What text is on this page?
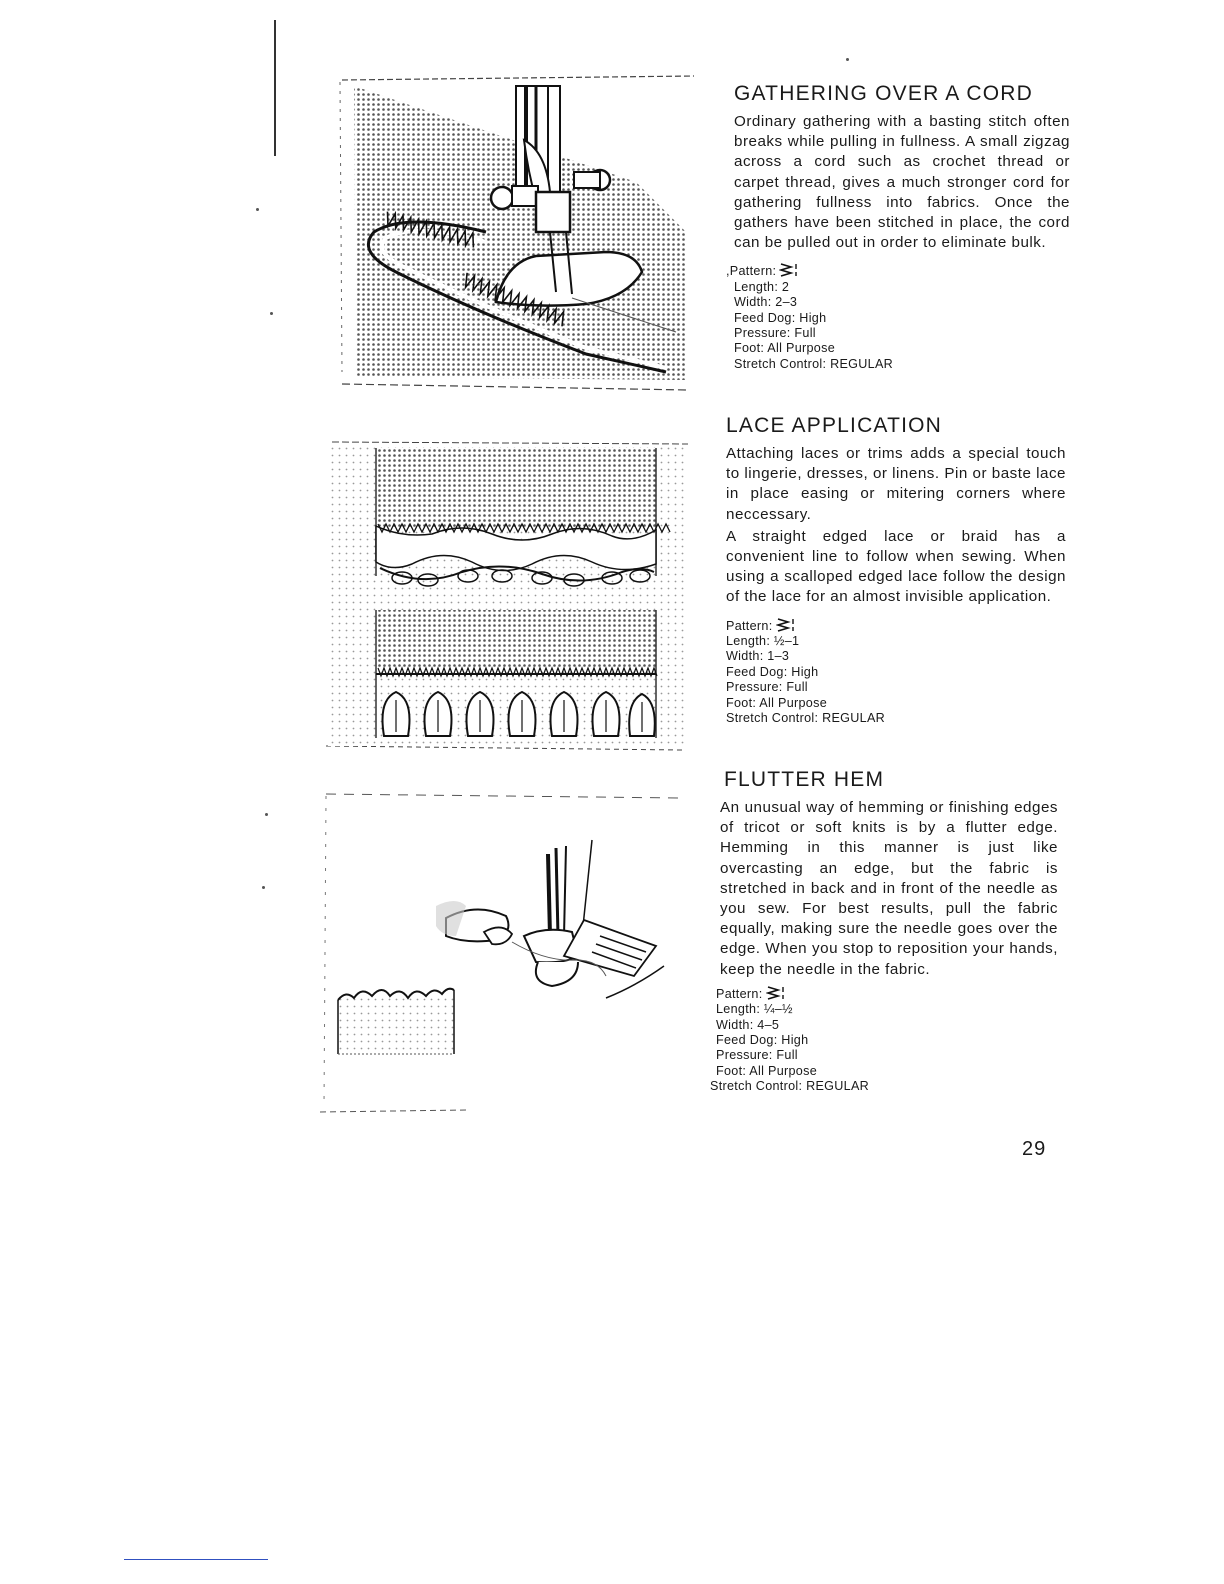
GATHERING OVER A CORD

Ordinary gathering with a basting stitch often breaks while pulling in fullness. A small zigzag across a cord such as crochet thread or carpet thread, gives a much stronger cord for gathering fullness into fabrics. Once the gathers have been stitched in place, the cord can be pulled out in order to eliminate bulk.

,Pattern:
Length: 2
Width: 2–3
Feed Dog: High
Pressure: Full
Foot: All Purpose
Stretch Control: REGULAR
LACE APPLICATION

Attaching laces or trims adds a special touch to lingerie, dresses, or linens. Pin or baste lace in place easing or mitering corners where neccessary.

A straight edged lace or braid has a convenient line to follow when sewing. When using a scalloped edged lace follow the design of the lace for an almost invisible application.

Pattern:
Length: ½–1
Width: 1–3
Feed Dog: High
Pressure: Full
Foot: All Purpose
Stretch Control: REGULAR
FLUTTER HEM

An unusual way of hemming or finishing edges of tricot or soft knits is by a flutter edge. Hemming in this manner is just like overcasting an edge, but the fabric is stretched in back and in front of the needle as you sew. For best results, pull the fabric equally, making sure the needle goes over the edge. When you stop to reposition your hands, keep the needle in the fabric.

Pattern:
Length: ¼–½
Width: 4–5
Feed Dog: High
Pressure: Full
Foot: All Purpose
Stretch Control: REGULAR
29
